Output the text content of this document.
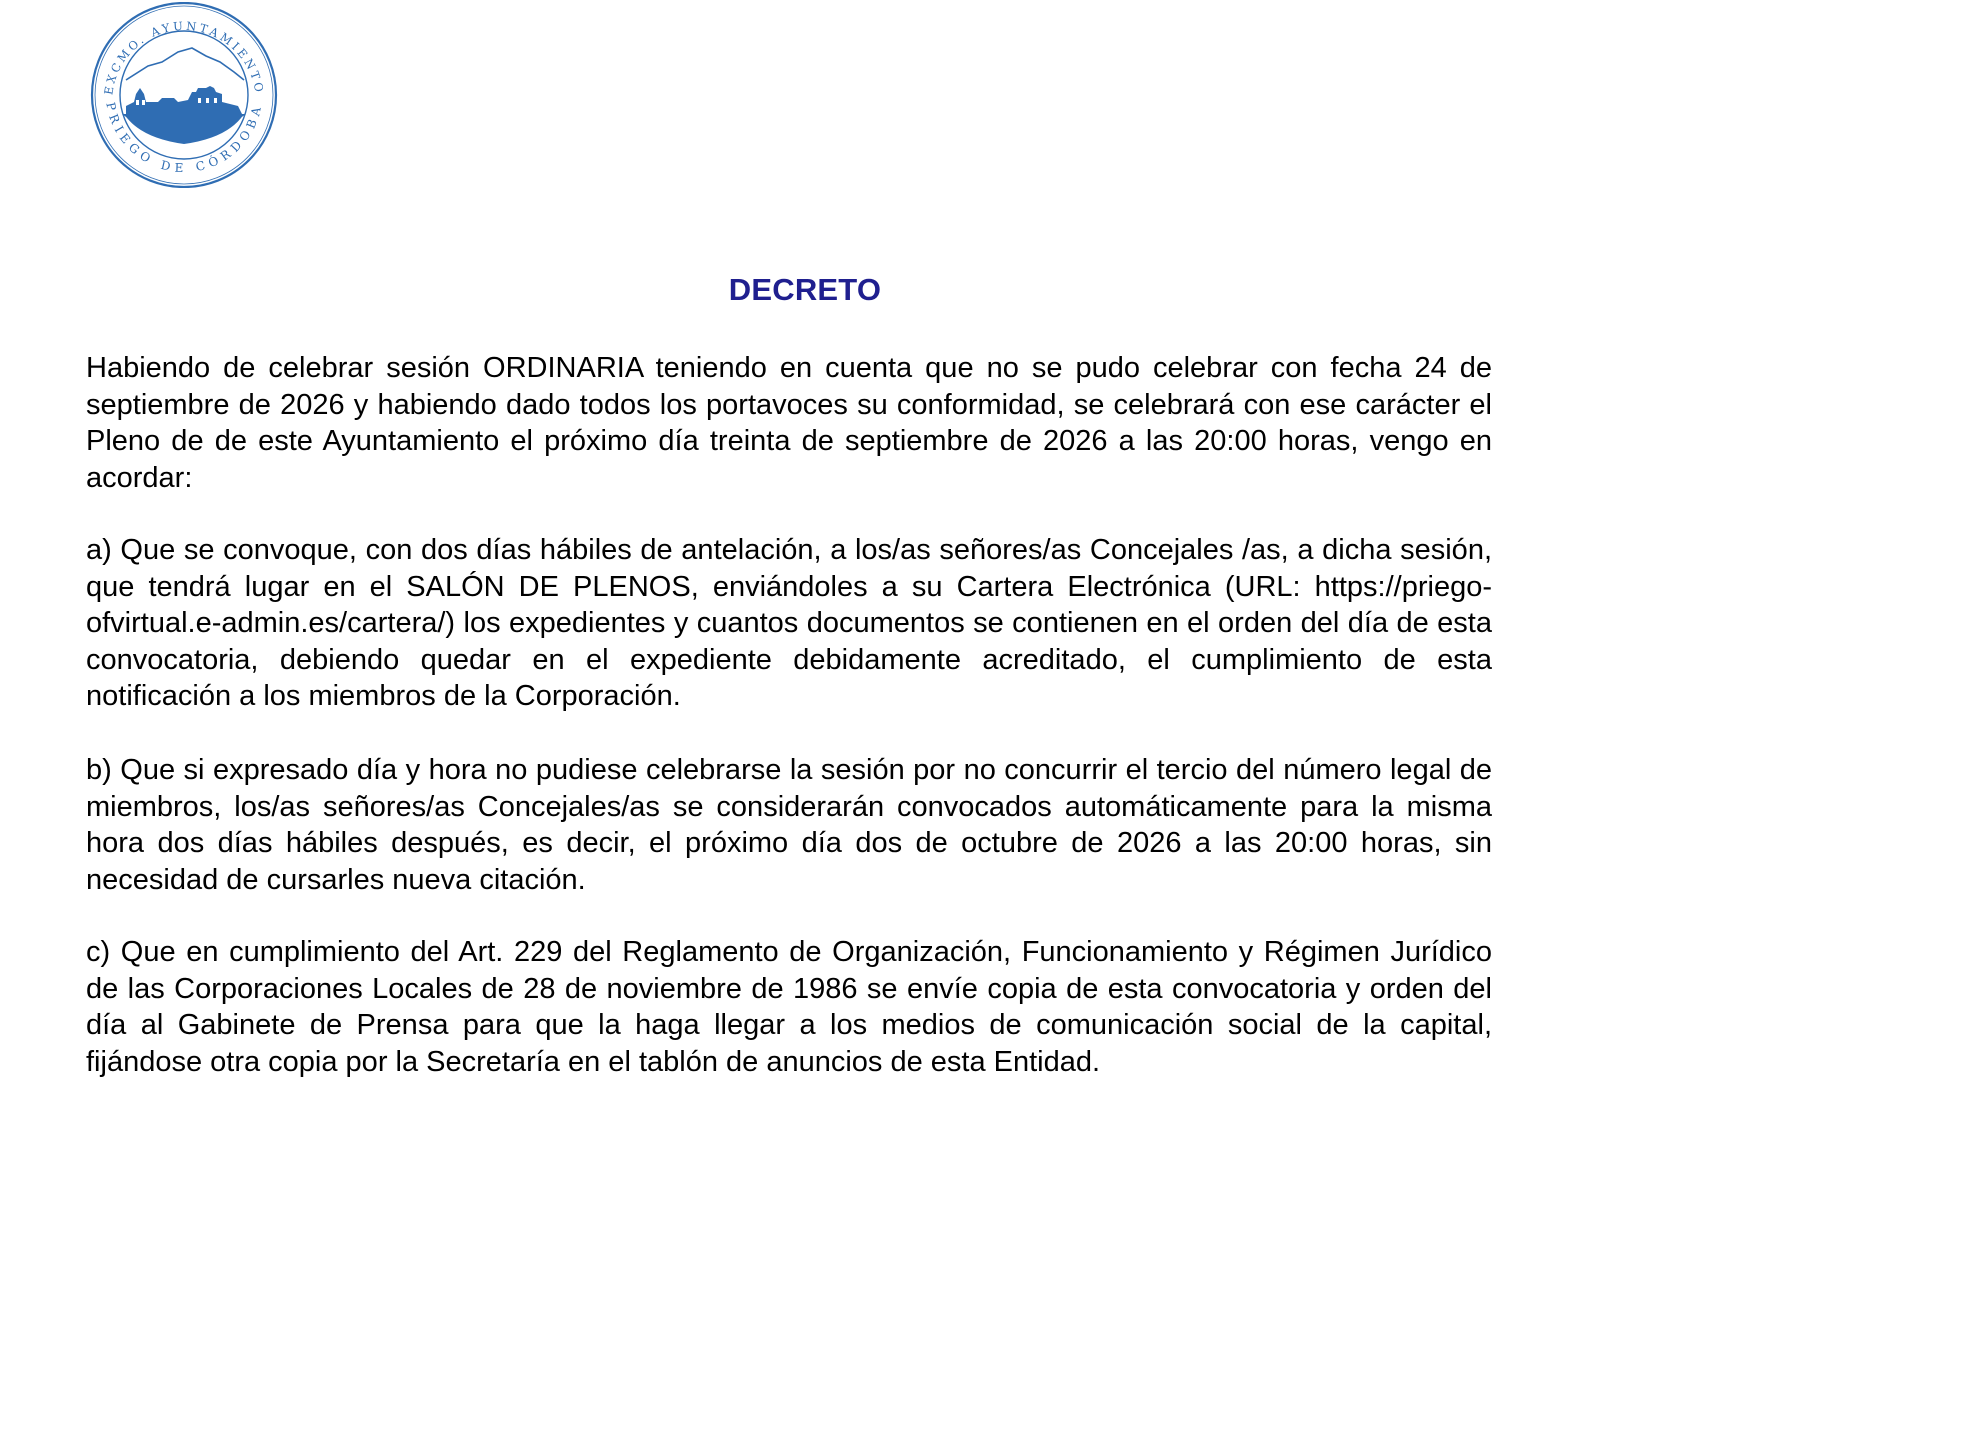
EXCMO. AYUNTAMIENTO
PRIEGO DE CÓRDOBA
DECRETO

Habiendo de celebrar sesión ORDINARIA teniendo en cuenta que no se pudo celebrar con fecha 24 de septiembre de 2026 y habiendo dado todos los portavoces su conformidad, se celebrará con ese carácter el Pleno de de este Ayuntamiento el próximo día treinta de septiembre de 2026 a las 20:00 horas, vengo en acordar:

a) Que se convoque, con dos días hábiles de antelación, a los/as señores/as Concejales /as, a dicha sesión, que tendrá lugar en el SALÓN DE PLENOS, enviándoles a su Cartera Electrónica (URL: https://priego-ofvirtual.e-admin.es/cartera/) los expedientes y cuantos documentos se contienen en el orden del día de esta convocatoria, debiendo quedar en el expediente debidamente acreditado, el cumplimiento de esta notificación a los miembros de la Corporación.

b) Que si expresado día y hora no pudiese celebrarse la sesión por no concurrir el tercio del número legal de miembros, los/as señores/as Concejales/as se considerarán convocados automáticamente para la misma hora dos días hábiles después, es decir, el próximo día dos de octubre de 2026 a las 20:00 horas, sin necesidad de cursarles nueva citación.

c) Que en cumplimiento del Art. 229 del Reglamento de Organización, Funcionamiento y Régimen Jurídico de las Corporaciones Locales de 28 de noviembre de 1986 se envíe copia de esta convocatoria y orden del día al Gabinete de Prensa para que la haga llegar a los medios de comunicación social de la capital, fijándose otra copia por la Secretaría en el tablón de anuncios de esta Entidad.
